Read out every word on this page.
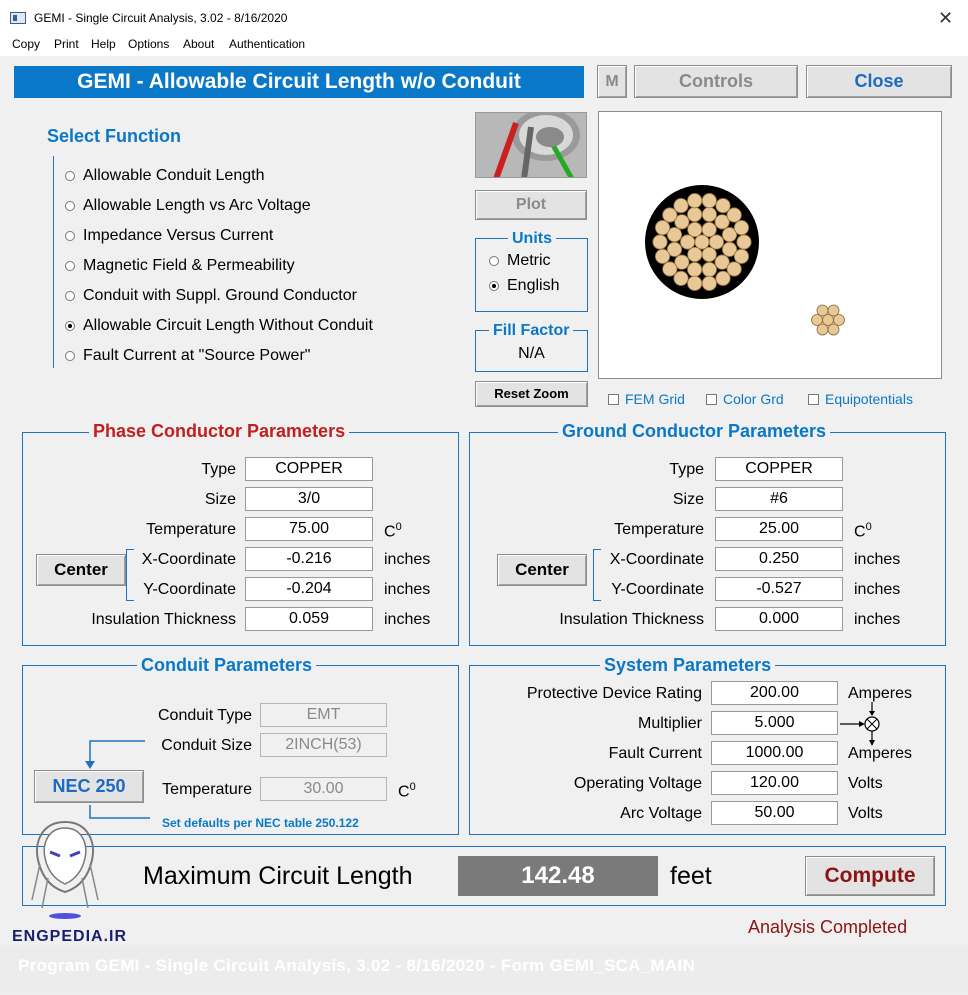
GEMI - Single Circuit Analysis, 3.02 - 8/16/2020	✕
Copy Print Help Options About Authentication
GEMI - Allowable Circuit Length w/o Conduit	M	Controls	Close
Select Function
Allowable Conduit Length
Allowable Length vs Arc Voltage
Impedance Versus Current
Magnetic Field & Permeability
Conduit with Suppl. Ground Conductor
Allowable Circuit Length Without Conduit
Fault Current at "Source Power"
Plot
Units
Metric
English
Fill Factor
N/A
Reset Zoom	FEM Grid	Color Grd	Equipotentials
Phase Conductor Parameters
Type	COPPER
Size	3/0
Temperature	75.00	$C^0$
X-Coordinate	-0.216	inches
Y-Coordinate	-0.204	inches
Center
Insulation Thickness	0.059	inches
Ground Conductor Parameters
Type	COPPER
Size	#6
Temperature	25.00	$C^0$
X-Coordinate	0.250	inches
Y-Coordinate	-0.527	inches
Center
Insulation Thickness	0.000	inches
Conduit Parameters
Conduit Type	EMT
Conduit Size	2INCH(53)
Temperature	30.00	$C^0$
NEC 250
Set defaults per NEC table 250.122
System Parameters
Protective Device Rating	200.00	Amperes
Multiplier	5.000
Fault Current	1000.00	Amperes
Operating Voltage	120.00	Volts
Arc Voltage	50.00	Volts
Maximum Circuit Length	142.48	feet	Compute
Analysis Completed
ENGPEDIA.IR
Program GEMI - Single Circuit Analysis, 3.02 - 8/16/2020 - Form GEMI_SCA_MAIN
